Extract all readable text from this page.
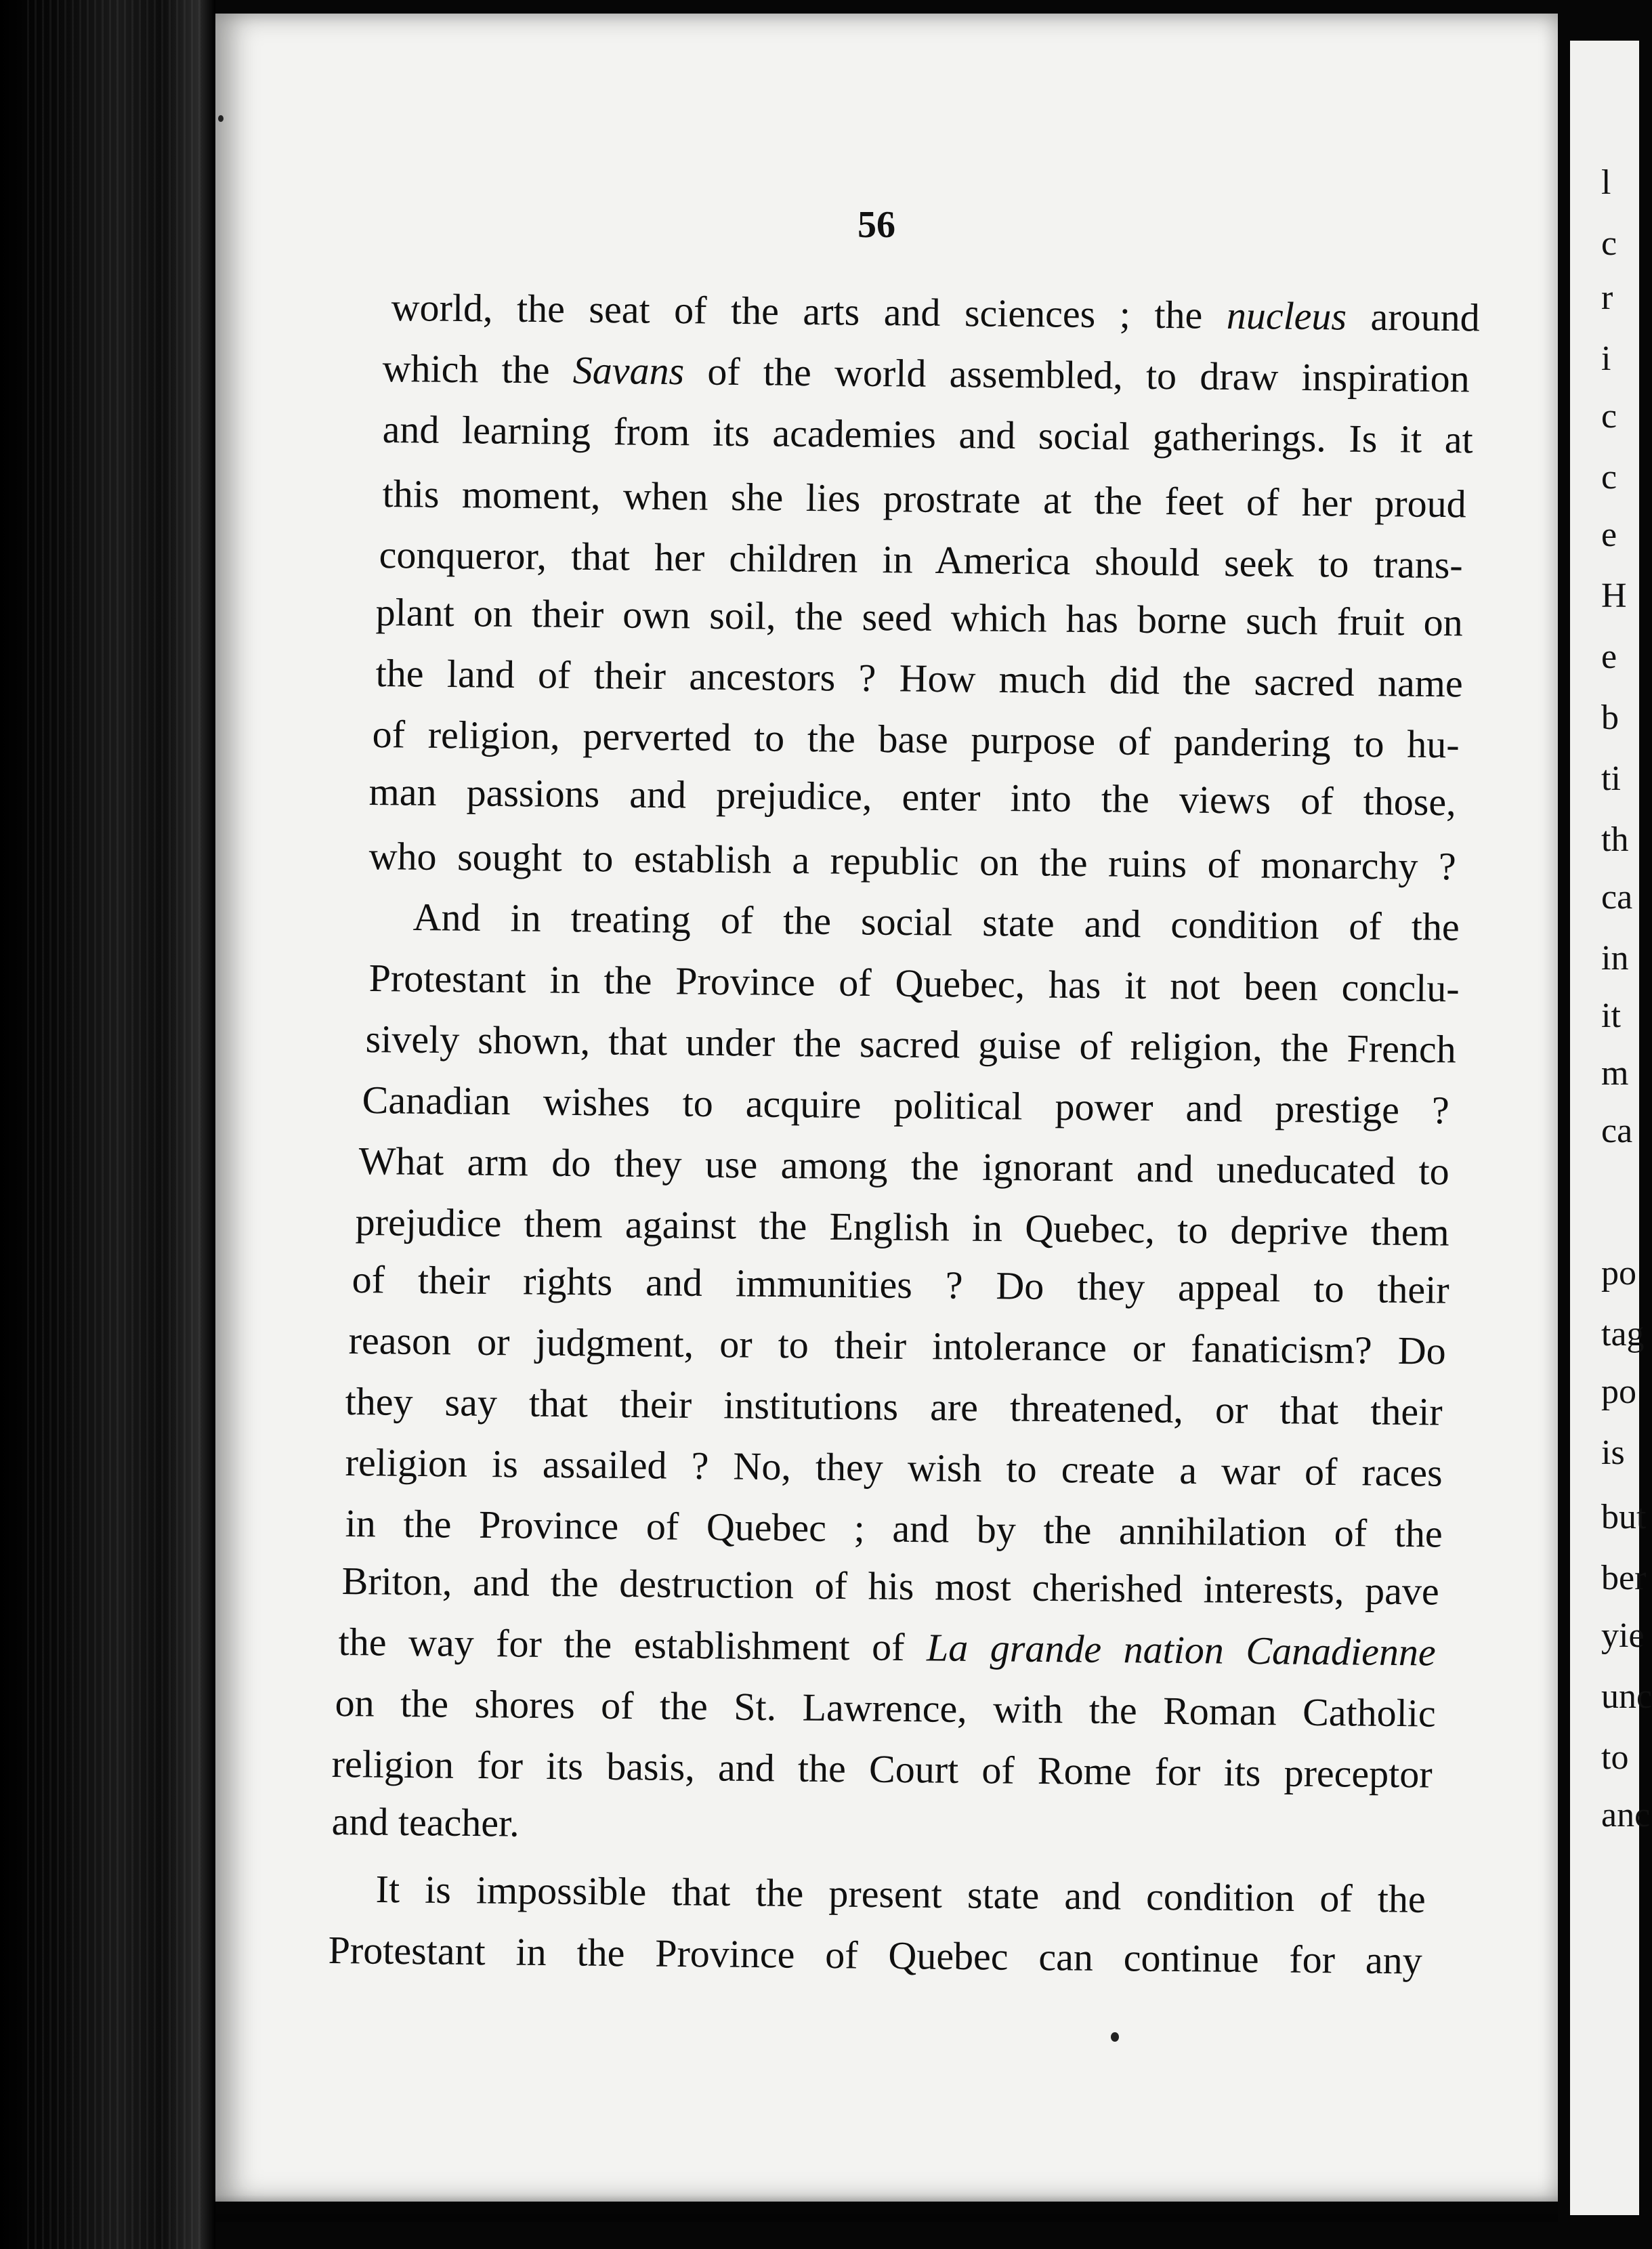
l
c
r
i
c
c
e
H
e
b
ti
th
ca
in
it
m
ca
po
tag
po
is
but
ber
yie
unc
to
anc
56
world, the seat of the arts and sciences ; the nucleus around
which the Savans of the world assembled, to draw inspiration
and learning from its academies and social gatherings. Is it at
this moment, when she lies prostrate at the feet of her proud
conqueror, that her children in America should seek to trans-
plant on their own soil, the seed which has borne such fruit on
the land of their ancestors ? How much did the sacred name
of religion, perverted to the base purpose of pandering to hu-
man passions and prejudice, enter into the views of those,
who sought to establish a republic on the ruins of monarchy ?
And in treating of the social state and condition of the
Protestant in the Province of Quebec, has it not been conclu-
sively shown, that under the sacred guise of religion, the French
Canadian wishes to acquire political power and prestige ?
What arm do they use among the ignorant and uneducated to
prejudice them against the English in Quebec, to deprive them
of their rights and immunities ? Do they appeal to their
reason or judgment, or to their intolerance or fanaticism? Do
they say that their institutions are threatened, or that their
religion is assailed ? No, they wish to create a war of races
in the Province of Quebec ; and by the annihilation of the
Briton, and the destruction of his most cherished interests, pave
the way for the establishment of La grande nation Canadienne
on the shores of the St. Lawrence, with the Roman Catholic
religion for its basis, and the Court of Rome for its preceptor
and teacher.
It is impossible that the present state and condition of the
Protestant in the Province of Quebec can continue for any
